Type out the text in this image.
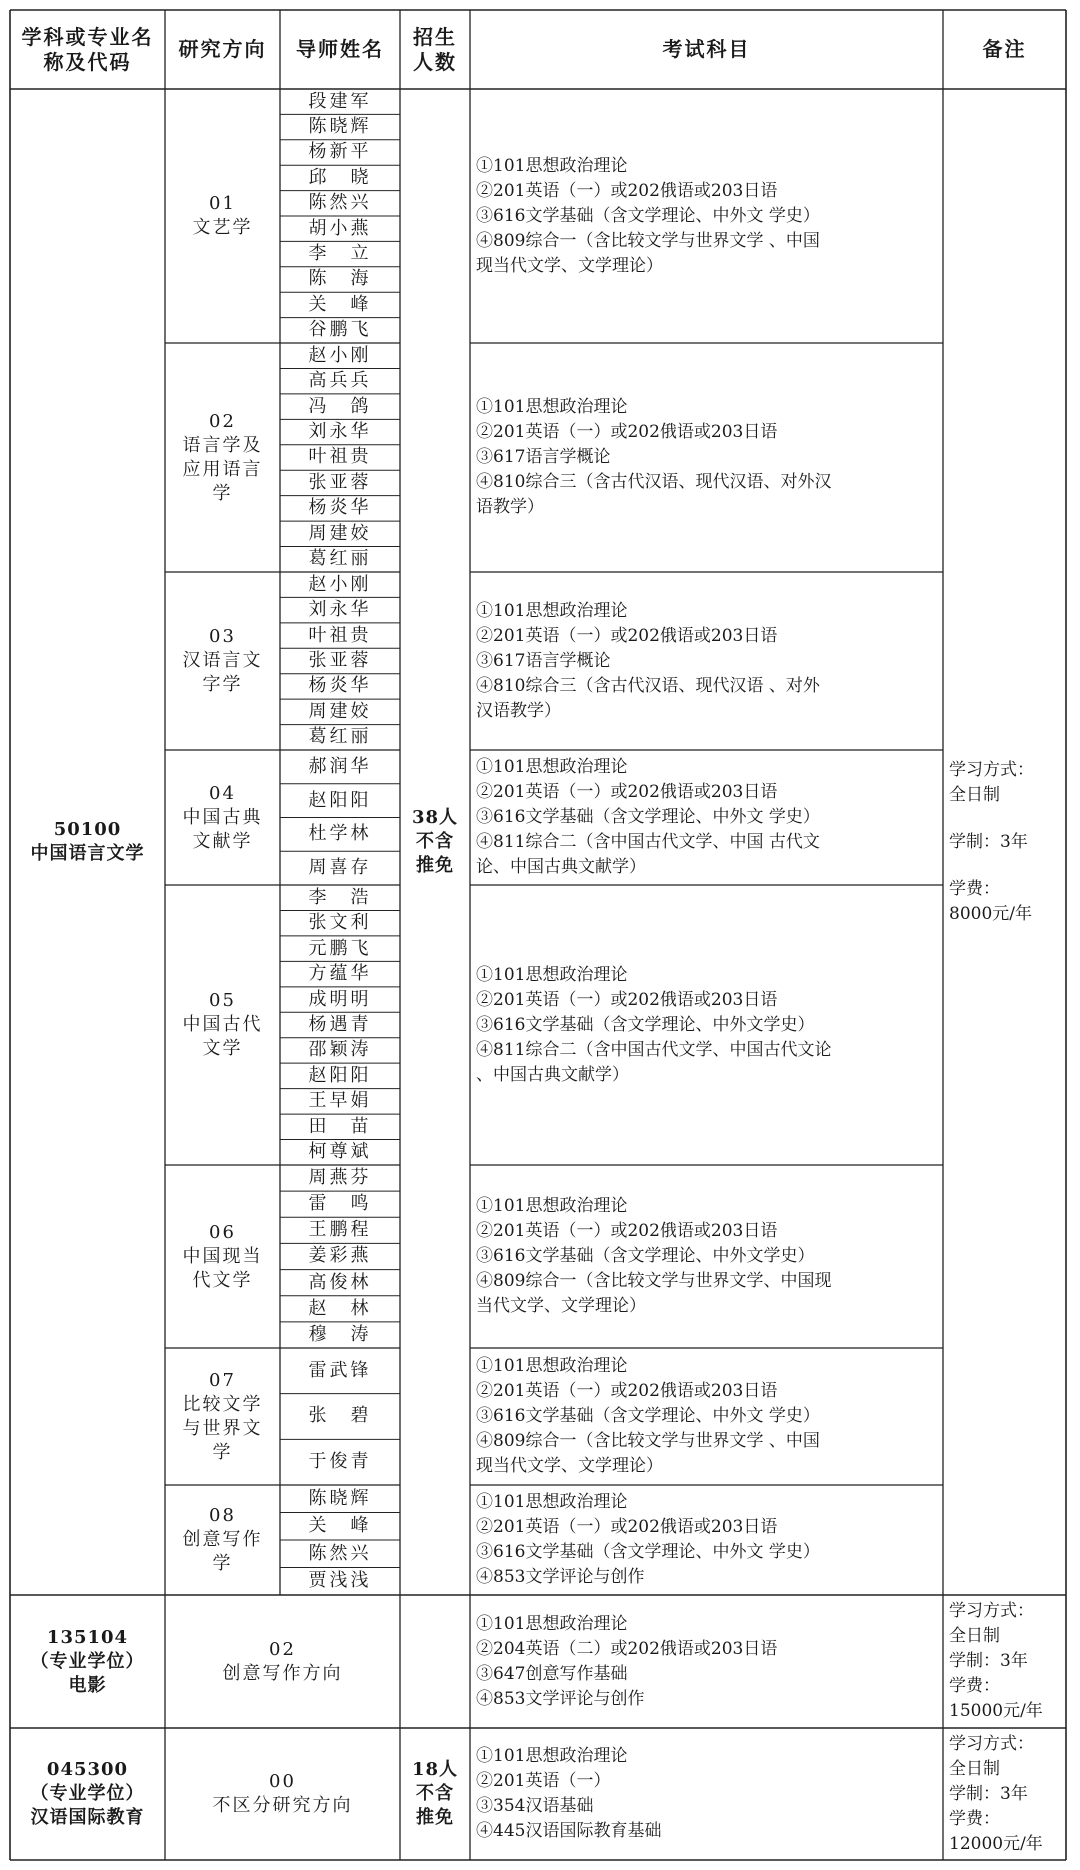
学科或专业名
称及代码
研究方向 导师姓名
招生
人数
考试科目	备注
50100
中国语言文学
38人
不含
推免
学习方式：
全日制
学制：3年
学费：
8000元/年
01
文艺学
①101思想政治理论
②201英语（一）或202俄语或203日语
③616文学基础（含文学理论、中外文 学史）
④809综合一（含比较文学与世界文学 、中国
现当代文学、文学理论）
段建军
陈晓辉
杨新平
邱　晓
陈然兴
胡小燕
李　立
陈　海
关　峰
谷鹏飞
02
语言学及
应用语言
学
①101思想政治理论
②201英语（一）或202俄语或203日语
③617语言学概论
④810综合三（含古代汉语、现代汉语、对外汉
语教学）
赵小刚
高兵兵
冯　鸽
刘永华
叶祖贵
张亚蓉
杨炎华
周建姣
葛红丽
03
汉语言文
字学
①101思想政治理论
②201英语（一）或202俄语或203日语
③617语言学概论
④810综合三（含古代汉语、现代汉语 、对外
汉语教学）
赵小刚
刘永华
叶祖贵
张亚蓉
杨炎华
周建姣
葛红丽
04
中国古典
文献学
①101思想政治理论
②201英语（一）或202俄语或203日语
③616文学基础（含文学理论、中外文 学史）
④811综合二（含中国古代文学、中国 古代文
论、中国古典文献学）
郝润华
赵阳阳
杜学林
周喜存
05
中国古代
文学
①101思想政治理论
②201英语（一）或202俄语或203日语
③616文学基础（含文学理论、中外文学史）
④811综合二（含中国古代文学、中国古代文论
、中国古典文献学）
李　浩
张文利
元鹏飞
方蕴华
成明明
杨遇青
邵颖涛
赵阳阳
王早娟
田　苗
柯尊斌
06
中国现当
代文学
①101思想政治理论
②201英语（一）或202俄语或203日语
③616文学基础（含文学理论、中外文学史）
④809综合一（含比较文学与世界文学、中国现
当代文学、文学理论）
周燕芬
雷　鸣
王鹏程
姜彩燕
高俊林
赵　林
穆　涛
07
比较文学
与世界文
学
①101思想政治理论
②201英语（一）或202俄语或203日语
③616文学基础（含文学理论、中外文 学史）
④809综合一（含比较文学与世界文学 、中国
现当代文学、文学理论）
雷武锋
张　碧
于俊青
08
创意写作
学
①101思想政治理论
②201英语（一）或202俄语或203日语
③616文学基础（含文学理论、中外文 学史）
④853文学评论与创作
陈晓辉
关　峰
陈然兴
贾浅浅
135104
（专业学位）
电影
02
创意写作方向
①101思想政治理论
②204英语（二）或202俄语或203日语
③647创意写作基础
④853文学评论与创作
学习方式：
全日制
学制：3年
学费：
15000元/年
045300
（专业学位）
汉语国际教育
00
不区分研究方向
18人
不含
推免
①101思想政治理论
②201英语（一）
③354汉语基础
④445汉语国际教育基础
学习方式：
全日制
学制：3年
学费：
12000元/年
